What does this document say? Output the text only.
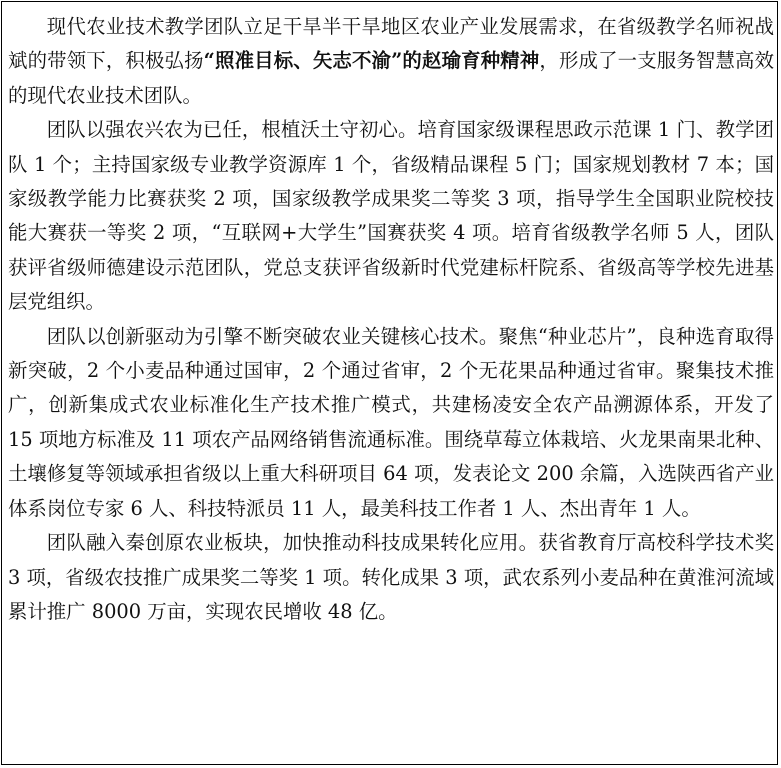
现代农业技术教学团队立足干旱半干旱地区农业产业发展需求，在省级教学名师祝战斌的带领下，积极弘扬“照准目标、矢志不渝”的赵瑜育种精神，形成了一支服务智慧高效的现代农业技术团队。

团队以强农兴农为已任，根植沃土守初心。培育国家级课程思政示范课 1 门、教学团队 1 个；主持国家级专业教学资源库 1 个，省级精品课程 5 门；国家规划教材 7 本；国家级教学能力比赛获奖 2 项，国家级教学成果奖二等奖 3 项，指导学生全国职业院校技能大赛获一等奖 2 项，“互联网+大学生”国赛获奖 4 项。培育省级教学名师 5 人，团队获评省级师德建设示范团队，党总支获评省级新时代党建标杆院系、省级高等学校先进基层党组织。

团队以创新驱动为引擎不断突破农业关键核心技术。聚焦“种业芯片”，良种选育取得新突破，2 个小麦品种通过国审，2 个通过省审，2 个无花果品种通过省审。聚集技术推广，创新集成式农业标准化生产技术推广模式，共建杨凌安全农产品溯源体系，开发了 15 项地方标准及 11 项农产品网络销售流通标准。围绕草莓立体栽培、火龙果南果北种、土壤修复等领域承担省级以上重大科研项目 64 项，发表论文 200 余篇，入选陕西省产业体系岗位专家 6 人、科技特派员 11 人，最美科技工作者 1 人、杰出青年 1 人。

团队融入秦创原农业板块，加快推动科技成果转化应用。获省教育厅高校科学技术奖 3 项，省级农技推广成果奖二等奖 1 项。转化成果 3 项，武农系列小麦品种在黄淮河流域累计推广 8000 万亩，实现农民增收 48 亿。
